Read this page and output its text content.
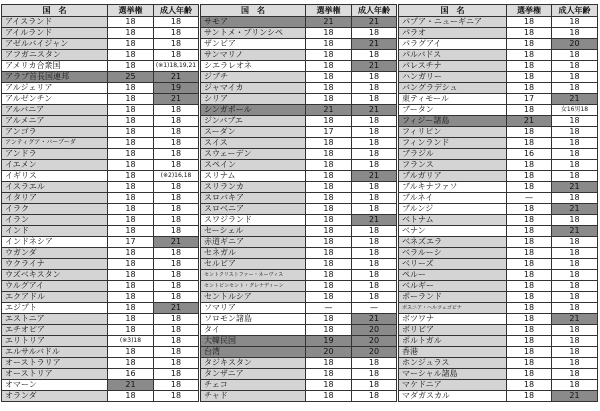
国　名	選挙権	成人年齢
アイスランド	18	18
アイルランド	18	18
アゼルバイジャン	18	18
アフガニスタン	18	18
アメリカ合衆国	18	(※1)18,19,21
アラブ首長国連邦	25	21
アルジェリア	18	19
アルゼンチン	18	21
アルバニア	18	18
アルメニア	18	18
アンゴラ	18	18
アンティグア・バーブーダ	18	18
アンドラ	18	18
イエメン	18	18
イギリス	18	(※2)16,18
イスラエル	18	18
イタリア	18	18
イラク	18	18
イラン	18	18
インド	18	18
インドネシア	17	21
ウガンダ	18	18
ウクライナ	18	18
ウズベキスタン	18	18
ウルグアイ	18	18
エクアドル	18	18
エジプト	18	21
エストニア	18	18
エチオピア	18	18
エリトリア	(※3)18	18
エルサルバドル	18	18
オーストラリア	18	18
オーストリア	16	18
オマーン	21	18
オランダ	18	18
国　名	選挙権	成人年齢
サモア	21	21
サントメ・プリンシペ	18	18
ザンビア	18	21
サンマリノ	18	18
シエラレオネ	18	21
ジブチ	18	18
ジャマイカ	18	18
シリア	18	18
シンガポール	21	21
ジンバブエ	18	18
スーダン	17	18
スイス	18	18
スウェーデン	18	18
スペイン	18	18
スリナム	18	21
スリランカ	18	18
スロバキア	18	18
スロベニア	18	18
スワジランド	18	21
セーシェル	18	18
赤道ギニア	18	18
セネガル	18	18
セルビア	18	18
セントクリストファー・ネーヴィス	18	18
セントビンセント・グレナディーン	18	18
セントルシア	18	18
ソマリア	—	—
ソロモン諸島	18	21
タイ	18	20
大韓民国	19	20
台湾	20	20
タジキスタン	18	18
タンザニア	18	18
チェコ	18	18
チャド	18	18
国　名	選挙権	成人年齢
パプア・ニューギニア	18	18
パラオ	18	18
パラグアイ	18	20
パルバドス	18	18
パレスチナ	18	18
ハンガリー	18	18
バングラデシュ	18	18
東ティモール	17	21
ブータン	18	女16男18
フィジー諸島	21	18
フィリピン	18	18
フィンランド	18	18
ブラジル	16	18
フランス	18	18
ブルガリア	18	18
ブルキナファソ	18	21
ブルネイ	—	18
ブルンジ	18	21
ベトナム	18	18
ベナン	18	21
ベネズエラ	18	18
ベラルーシ	18	18
ベリーズ	18	18
ペルー	18	18
ベルギー	18	18
ポーランド	18	18
ボスニア・ヘルツェゴビナ	18	18
ボツワナ	18	21
ボリビア	18	18
ポルトガル	18	18
香港	18	18
ホンジュラス	18	18
マーシャル諸島	18	18
マケドニア	18	18
マダガスカル	18	21
